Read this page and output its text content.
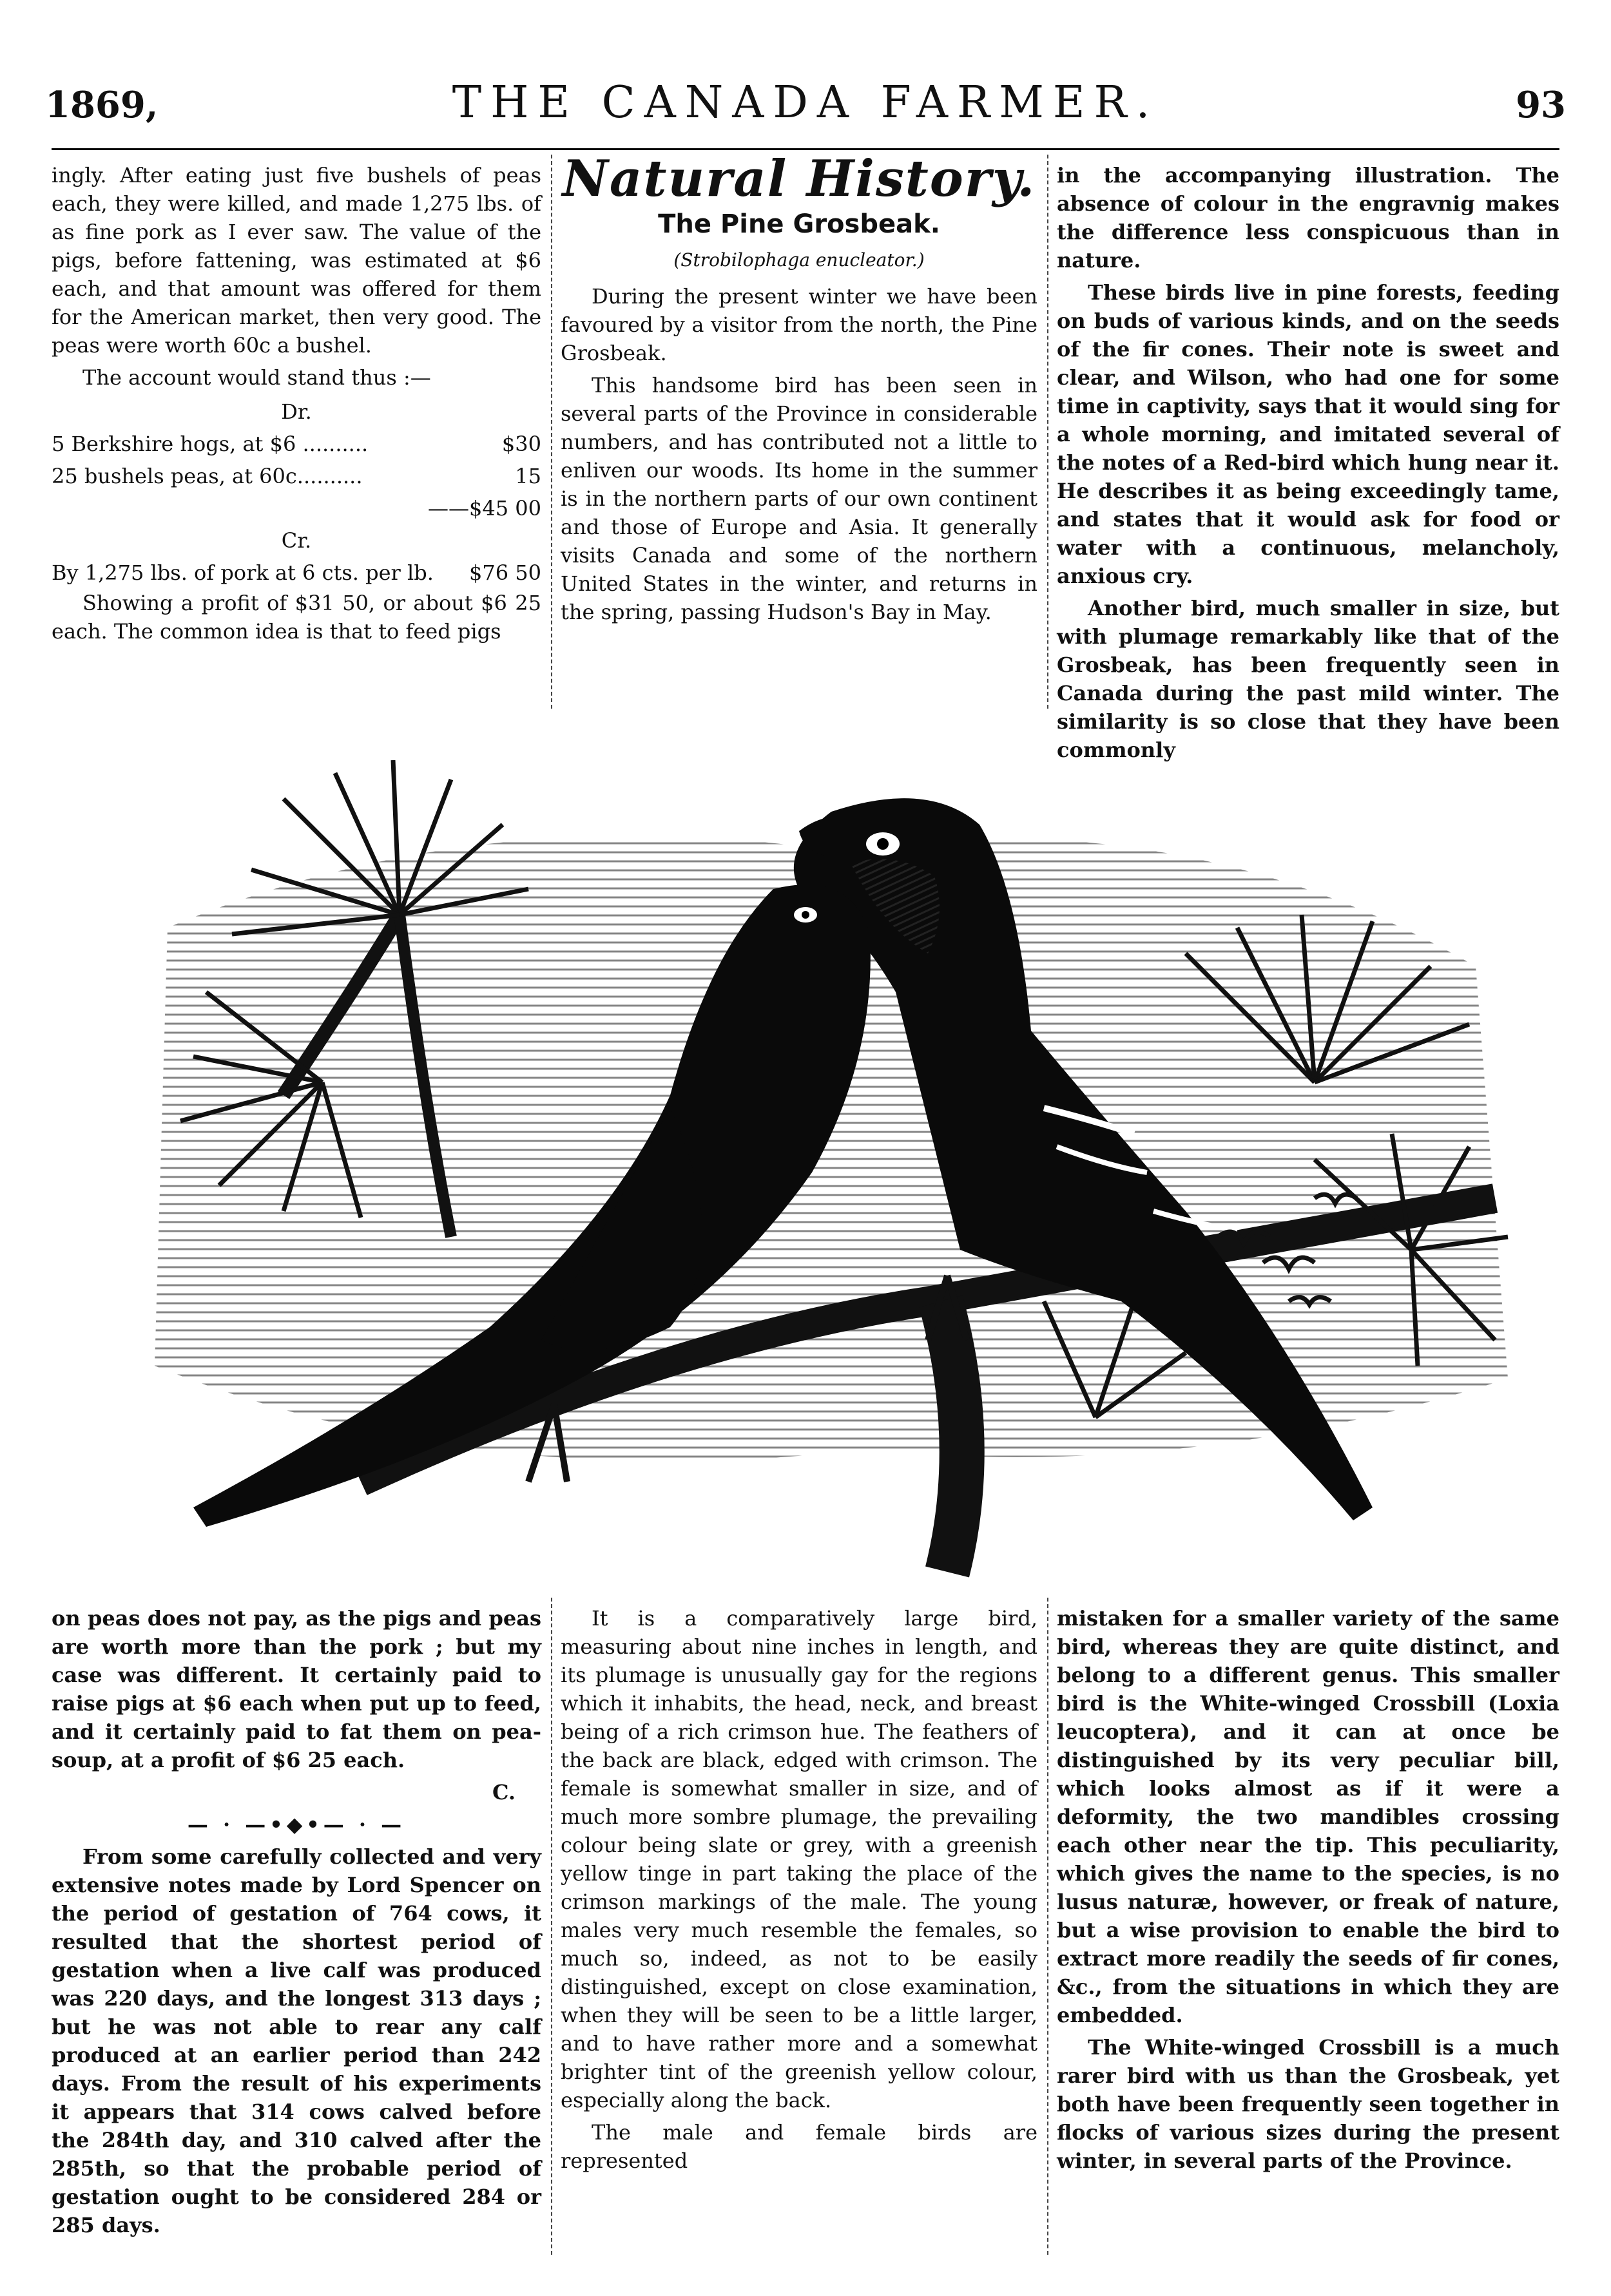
1869,	THE CANADA FARMER.	93

ingly. After eating just five bushels of peas each, they were killed, and made 1,275 lbs. of as fine pork as I ever saw. The value of the pigs, before fattening, was estimated at $6 each, and that amount was offered for them for the American market, then very good. The peas were worth 60c a bushel.

The account would stand thus :—

Dr.
5 Berkshire hogs, at $6 ..........	$30
25 bushels peas, at 60c..........	15
——$45 00
Cr.
By 1,275 lbs. of pork at 6 cts. per lb. $76 50

Showing a profit of $31 50, or about $6 25 each. The common idea is that to feed pigs

Natural History.
The Pine Grosbeak.
(Strobilophaga enucleator.)

During the present winter we have been favoured by a visitor from the north, the Pine Grosbeak.

This handsome bird has been seen in several parts of the Province in considerable numbers, and has contributed not a little to enliven our woods. Its home in the summer is in the northern parts of our own continent and those of Europe and Asia. It generally visits Canada and some of the northern United States in the winter, and returns in the spring, passing Hudson's Bay in May.

in the accompanying illustration. The absence of colour in the engravnig makes the difference less conspicuous than in nature.

These birds live in pine forests, feeding on buds of various kinds, and on the seeds of the fir cones. Their note is sweet and clear, and Wilson, who had one for some time in captivity, says that it would sing for a whole morning, and imitated several of the notes of a Red-bird which hung near it. He describes it as being exceedingly tame, and states that it would ask for food or water with a continuous, melancholy, anxious cry.

Another bird, much smaller in size, but with plumage remarkably like that of the Grosbeak, has been frequently seen in Canada during the past mild winter. The similarity is so close that they have been commonly

on peas does not pay, as the pigs and peas are worth more than the pork ; but my case was different. It certainly paid to raise pigs at $6 each when put up to feed, and it certainly paid to fat them on pea-soup, at a profit of $6 25 each.

C.

— · —•◆•— · —

From some carefully collected and very extensive notes made by Lord Spencer on the period of gestation of 764 cows, it resulted that the shortest period of gestation when a live calf was produced was 220 days, and the longest 313 days ; but he was not able to rear any calf produced at an earlier period than 242 days. From the result of his experiments it appears that 314 cows calved before the 284th day, and 310 calved after the 285th, so that the probable period of gestation ought to be considered 284 or 285 days.

It is a comparatively large bird, measuring about nine inches in length, and its plumage is unusually gay for the regions which it inhabits, the head, neck, and breast being of a rich crimson hue. The feathers of the back are black, edged with crimson. The female is somewhat smaller in size, and of much more sombre plumage, the prevailing colour being slate or grey, with a greenish yellow tinge in part taking the place of the crimson markings of the male. The young males very much resemble the females, so much so, indeed, as not to be easily distinguished, except on close examination, when they will be seen to be a little larger, and to have rather more and a somewhat brighter tint of the greenish yellow colour, especially along the back.

The male and female birds are represented

mistaken for a smaller variety of the same bird, whereas they are quite distinct, and belong to a different genus. This smaller bird is the White-winged Crossbill (Loxia leucoptera), and it can at once be distinguished by its very peculiar bill, which looks almost as if it were a deformity, the two mandibles crossing each other near the tip. This peculiarity, which gives the name to the species, is no lusus naturæ, however, or freak of nature, but a wise provision to enable the bird to extract more readily the seeds of fir cones, &c., from the situations in which they are embedded.

The White-winged Crossbill is a much rarer bird with us than the Grosbeak, yet both have been frequently seen together in flocks of various sizes during the present winter, in several parts of the Province.
